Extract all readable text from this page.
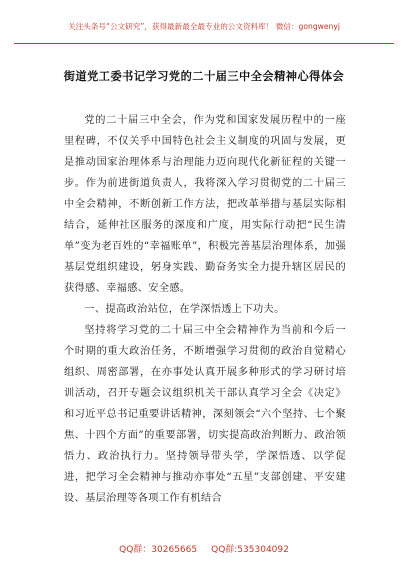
关注头条号“公文研究”，获得最新最全最专业的公文资料库！ 微信：gongwenyj
街道党工委书记学习党的二十届三中全会精神心得体会

党的二十届三中全会，作为党和国家发展历程中的一座里程碑，不仅关乎中国特色社会主义制度的巩固与发展，更是推动国家治理体系与治理能力迈向现代化新征程的关键一步。作为前进街道负责人，我将深入学习贯彻党的二十届三中全会精神，不断创新工作方法，把改革举措与基层实际相结合，延伸社区服务的深度和广度，用实际行动把“民生清单”变为老百姓的“幸福账单”，积极完善基层治理体系，加强基层党组织建设，躬身实践、勤奋务实全力提升辖区居民的获得感、幸福感、安全感。

一、提高政治站位，在学深悟透上下功夫。

坚持将学习党的二十届三中全会精神作为当前和今后一个时期的重大政治任务，不断增强学习贯彻的政治自觉精心组织、周密部署，在亦事处认真开展多种形式的学习研讨培训活动，召开专题会议组织机关干部认真学习全会《决定》和习近平总书记重要讲话精神，深刻领会“六个坚持、七个聚焦、十四个方面”的重要部署，切实提高政治判断力、政治领悟力、政治执行力。坚持领导带头学，学深悟透、以学促进，把学习全会精神与推动亦事处“五星”支部创建、平安建设、基层治理等各项工作有机结合

QQ群：30265665 QQ群:535304092
